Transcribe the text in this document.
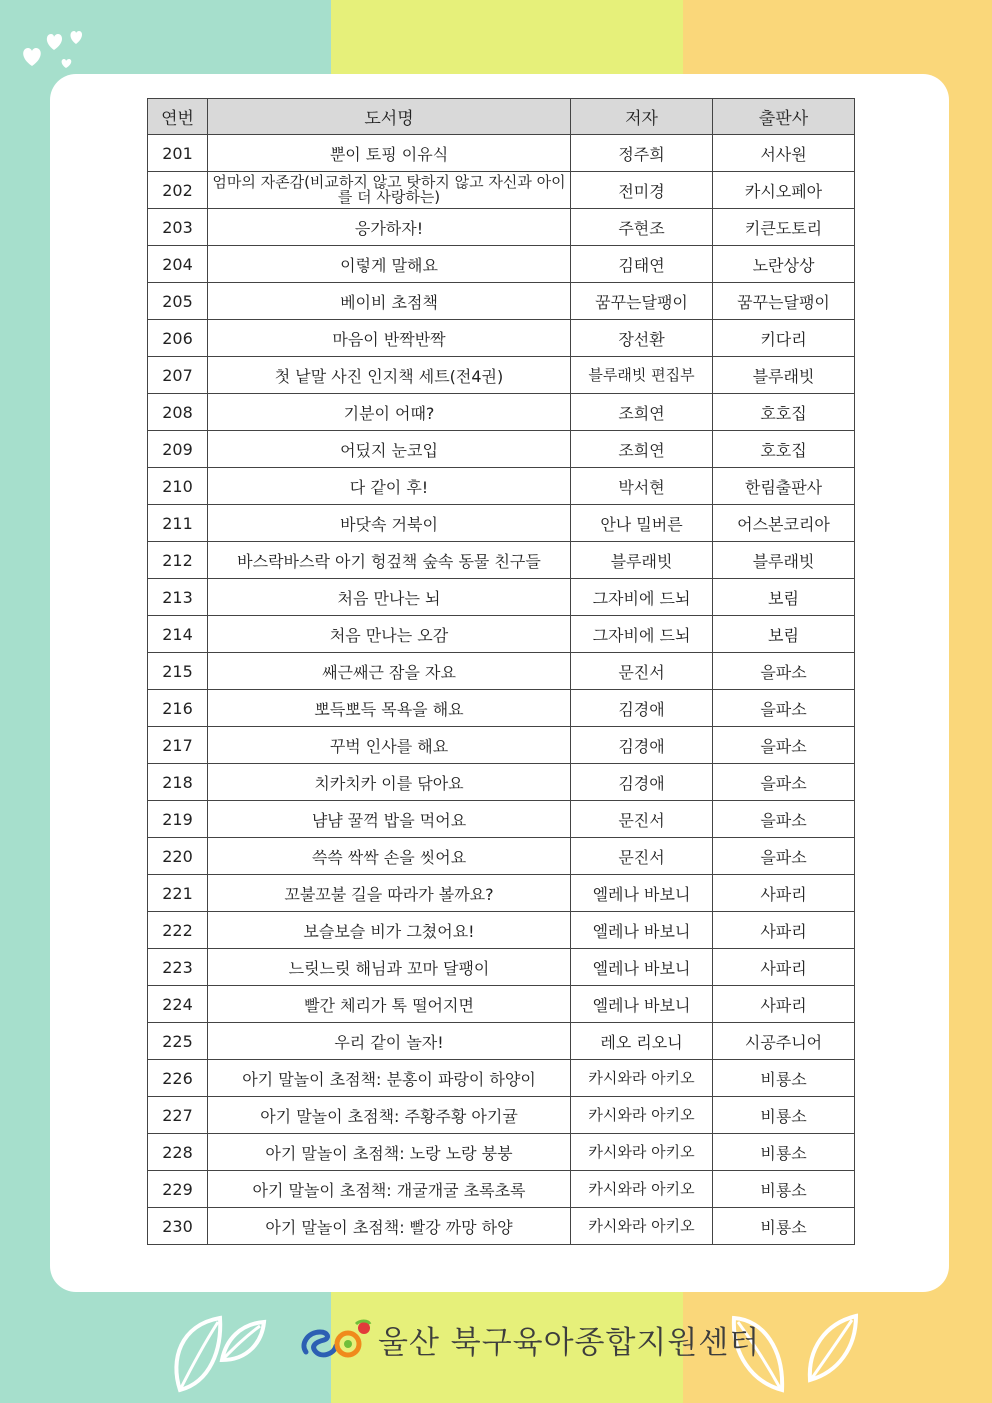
연번	도서명	저자	출판사
201	뿐이 토핑 이유식	정주희	서사원
202	엄마의 자존감(비교하지 않고 탓하지 않고 자신과 아이를 더 사랑하는)	전미경	카시오페아
203	응가하자!	주현조	키큰도토리
204	이렇게 말해요	김태연	노란상상
205	베이비 초점책	꿈꾸는달팽이	꿈꾸는달팽이
206	마음이 반짝반짝	장선환	키다리
207	첫 낱말 사진 인지책 세트(전4권)	블루래빗 편집부	블루래빗
208	기분이 어때?	조희연	호호집
209	어딨지 눈코입	조희연	호호집
210	다 같이 후!	박서현	한림출판사
211	바닷속 거북이	안나 밀버른	어스본코리아
212	바스락바스락 아기 헝겊책 숲속 동물 친구들	블루래빗	블루래빗
213	처음 만나는 뇌	그자비에 드뇌	보림
214	처음 만나는 오감	그자비에 드뇌	보림
215	쌔근쌔근 잠을 자요	문진서	을파소
216	뽀득뽀득 목욕을 해요	김경애	을파소
217	꾸벅 인사를 해요	김경애	을파소
218	치카치카 이를 닦아요	김경애	을파소
219	냠냠 꿀꺽 밥을 먹어요	문진서	을파소
220	쓱쓱 싹싹 손을 씻어요	문진서	을파소
221	꼬불꼬불 길을 따라가 볼까요?	엘레나 바보니	사파리
222	보슬보슬 비가 그쳤어요!	엘레나 바보니	사파리
223	느릿느릿 해님과 꼬마 달팽이	엘레나 바보니	사파리
224	빨간 체리가 톡 떨어지면	엘레나 바보니	사파리
225	우리 같이 놀자!	레오 리오니	시공주니어
226	아기 말놀이 초점책: 분홍이 파랑이 하양이	카시와라 아키오	비룡소
227	아기 말놀이 초점책: 주황주황 아기귤	카시와라 아키오	비룡소
228	아기 말놀이 초점책: 노랑 노랑 붕붕	카시와라 아키오	비룡소
229	아기 말놀이 초점책: 개굴개굴 초록초록	카시와라 아키오	비룡소
230	아기 말놀이 초점책: 빨강 까망 하양	카시와라 아키오	비룡소
울산 북구육아종합지원센터
